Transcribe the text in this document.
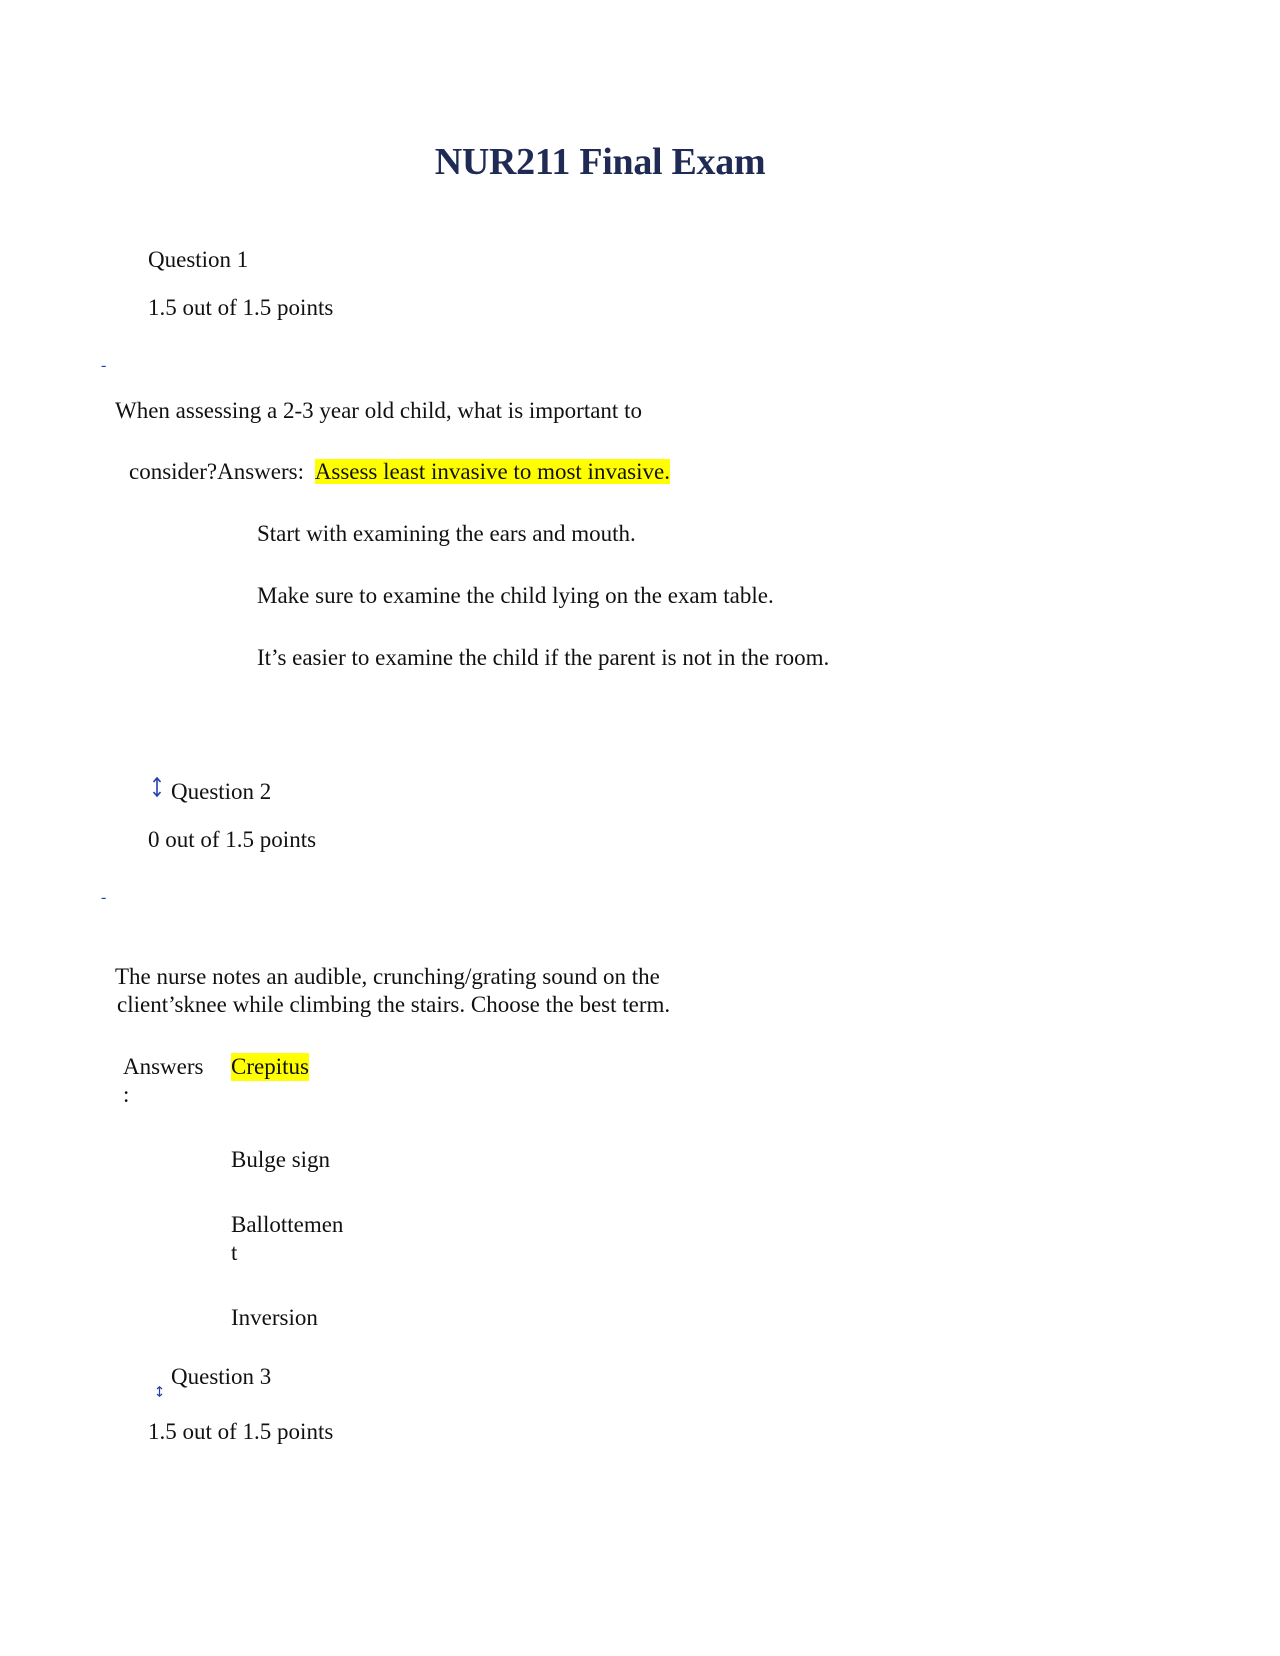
NUR211 Final Exam
Question 1
1.5 out of 1.5 points
-
When assessing a 2-3 year old child, what is important to
consider?Answers: Assess least invasive to most invasive.
Start with examining the ears and mouth.
Make sure to examine the child lying on the exam table.
It’s easier to examine the child if the parent is not in the room.
Question 2
0 out of 1.5 points
-
The nurse notes an audible, crunching/grating sound on the
client’sknee while climbing the stairs. Choose the best term.
Answers
:
Crepitus
Bulge sign
Ballottemen
t
Inversion
Question 3
1.5 out of 1.5 points
